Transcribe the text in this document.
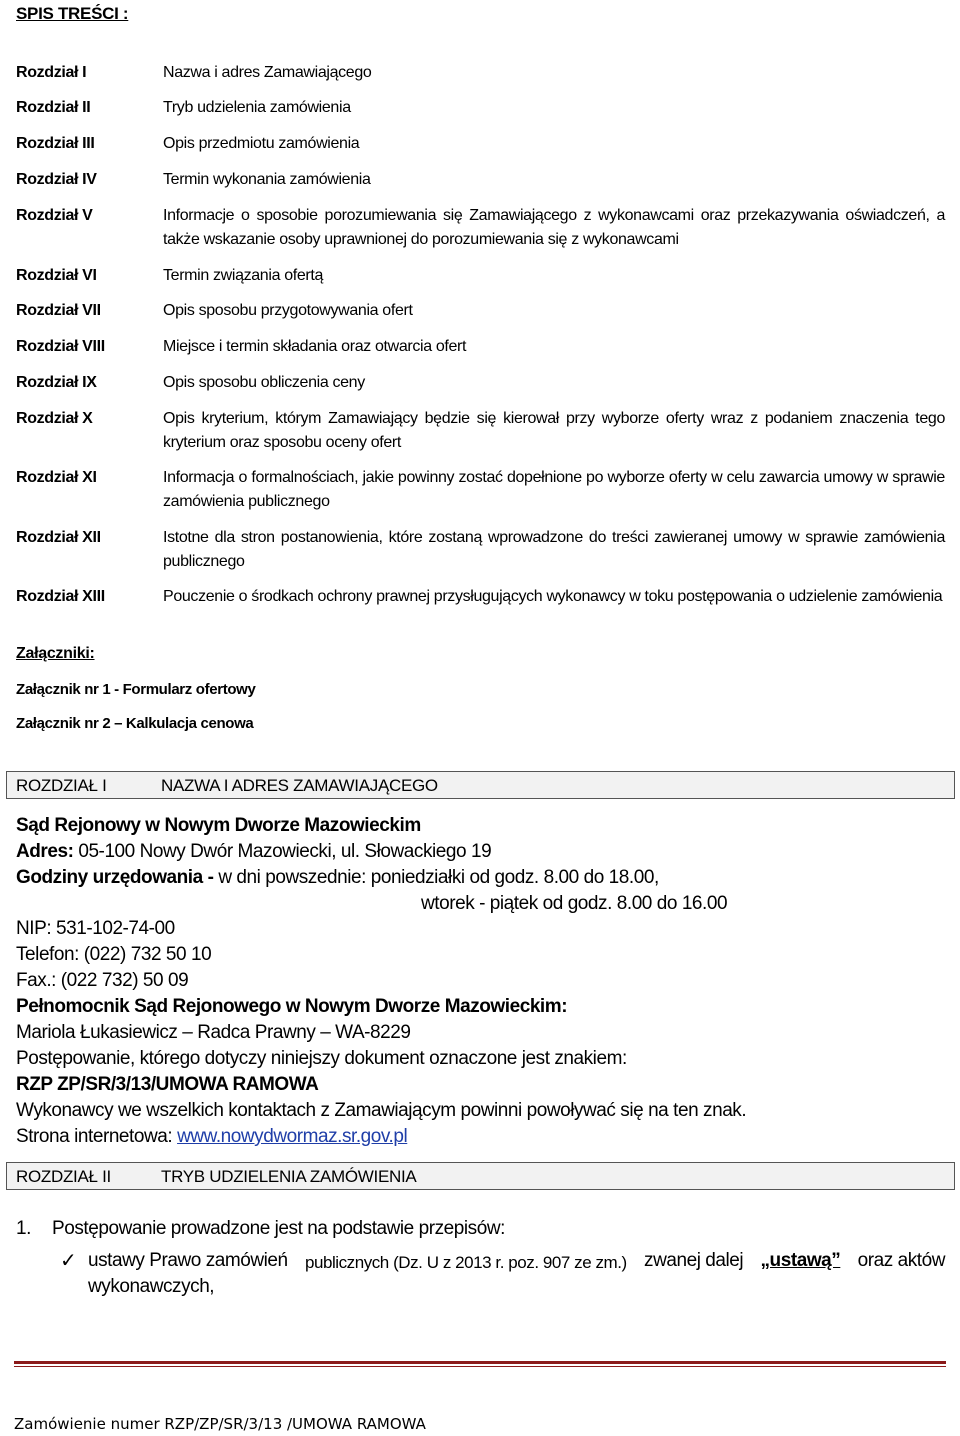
SPIS TREŚCI :
Rozdział I	Nazwa i adres Zamawiającego
Rozdział II	Tryb udzielenia zamówienia
Rozdział III	Opis przedmiotu zamówienia
Rozdział IV	Termin wykonania zamówienia
Rozdział V	Informacje o sposobie porozumiewania się Zamawiającego z wykonawcami oraz przekazywania oświadczeń, a także wskazanie osoby uprawnionej do porozumiewania się z wykonawcami
Rozdział VI	Termin związania ofertą
Rozdział VII	Opis sposobu przygotowywania ofert
Rozdział VIII	Miejsce i termin składania oraz otwarcia ofert
Rozdział IX	Opis sposobu obliczenia ceny
Rozdział X	Opis kryterium, którym Zamawiający będzie się kierował przy wyborze oferty wraz z podaniem znaczenia tego kryterium oraz sposobu oceny ofert
Rozdział XI	Informacja o formalnościach, jakie powinny zostać dopełnione po wyborze oferty w celu zawarcia umowy w sprawie zamówienia publicznego
Rozdział XII	Istotne dla stron postanowienia, które zostaną wprowadzone do treści zawieranej umowy w sprawie zamówienia publicznego
Rozdział XIII	Pouczenie o środkach ochrony prawnej przysługujących wykonawcy w toku postępowania o udzielenie zamówienia
Załączniki:
Załącznik nr 1 - Formularz ofertowy
Załącznik nr 2 – Kalkulacja cenowa
ROZDZIAŁ I	NAZWA I ADRES ZAMAWIAJĄCEGO
Sąd Rejonowy w Nowym Dworze Mazowieckim
Adres: 05-100 Nowy Dwór Mazowiecki, ul. Słowackiego 19
Godziny urzędowania - w dni powszednie: poniedziałki od godz. 8.00 do 18.00,
wtorek - piątek od godz. 8.00 do 16.00
NIP: 531-102-74-00
Telefon: (022) 732 50 10
Fax.: (022 732) 50 09
Pełnomocnik Sąd Rejonowego w Nowym Dworze Mazowieckim:
Mariola Łukasiewicz – Radca Prawny – WA-8229
Postępowanie, którego dotyczy niniejszy dokument oznaczone jest znakiem:
RZP ZP/SR/3/13/UMOWA RAMOWA
Wykonawcy we wszelkich kontaktach z Zamawiającym powinni powoływać się na ten znak.
Strona internetowa: www.nowydwormaz.sr.gov.pl
ROZDZIAŁ II	TRYB UDZIELENIA ZAMÓWIENIA
1. Postępowanie prowadzone jest na podstawie przepisów:
✓ ustawy Prawo zamówień publicznych (Dz. U z 2013 r. poz. 907 ze zm.) zwanej dalej „ustawą” oraz aktów
wykonawczych,
Zamówienie numer RZP/ZP/SR/3/13 /UMOWA RAMOWA
